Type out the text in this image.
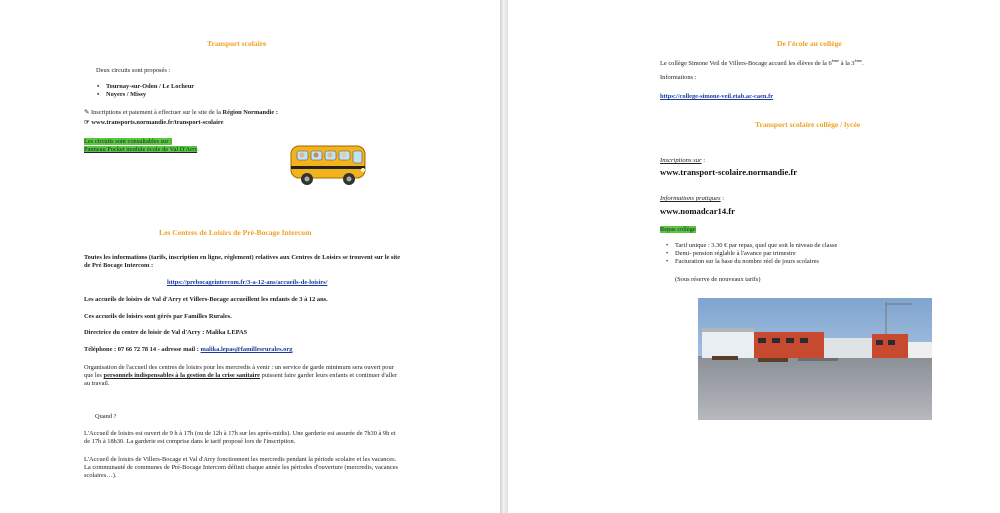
Transport scolaire
Deux circuits sont proposés :
• Tournay-sur-Odon / Le Locheur
• Noyers / Missy
✎ Inscriptions et paiement à effectuer sur le site de la Région Normandie :
☞ www.transports.normandie.fr/transport-scolaire
Les circuits sont consultables sur :
Panneau Pocket module école de Val D'Arry.
Les Centres de Loisirs de Pré-Bocage Intercom
Toutes les informations (tarifs, inscription en ligne, règlement) relatives aux Centres de Loisirs se trouvent sur le site de Pré Bocage Intercom :
https://prebocageintercom.fr/3-a-12-ans/accueils-de-loisirs/
Les accueils de loisirs de Val d'Arry et Villers-Bocage accueillent les enfants de 3 à 12 ans.
Ces accueils de loisirs sont gérés par Familles Rurales.
Directrice du centre de loisir de Val d'Arry : Malika LEPAS
Téléphone : 07 66 72 78 14 - adresse mail : malika.lepas@famillesrurales.org
Organisation de l'accueil des centres de loisirs pour les mercredis à venir : un service de garde minimum sera ouvert pour que les personnels indispensables à la gestion de la crise sanitaire puissent faire garder leurs enfants et continuer d'aller au travail.
Quand ?
L'Accueil de loisirs est ouvert de 9 h à 17h (ou de 12h à 17h sur les après-midis). Une garderie est assurée de 7h30 à 9h et de 17h à 18h30. La garderie est comprise dans le tarif proposé lors de l'inscription.
L'Accueil de loisirs de Villers-Bocage et Val d'Arry fonctionnent les mercredis pendant la période scolaire et les vacances. La communauté de communes de Pré-Bocage Intercom définit chaque année les périodes d'ouverture (mercredis, vacances scolaires…).
De l'école au collège
Le collège Simone Veil de Villers-Bocage accueil les élèves de la 6ème à la 3ème.
Informations :
https://college-simone-veil.etab.ac-caen.fr
Transport scolaire collège / lycée
Inscriptions sur :
www.transport-scolaire.normandie.fr
Informations pratiques :
www.nomadcar14.fr
Repas collège
• Tarif unique : 3.30 € par repas, quel que soit le niveau de classe
• Demi- pension réglable à l'avance par trimestre
• Facturation sur la base du nombre réel de jours scolaires
(Sous réserve de nouveaux tarifs)
